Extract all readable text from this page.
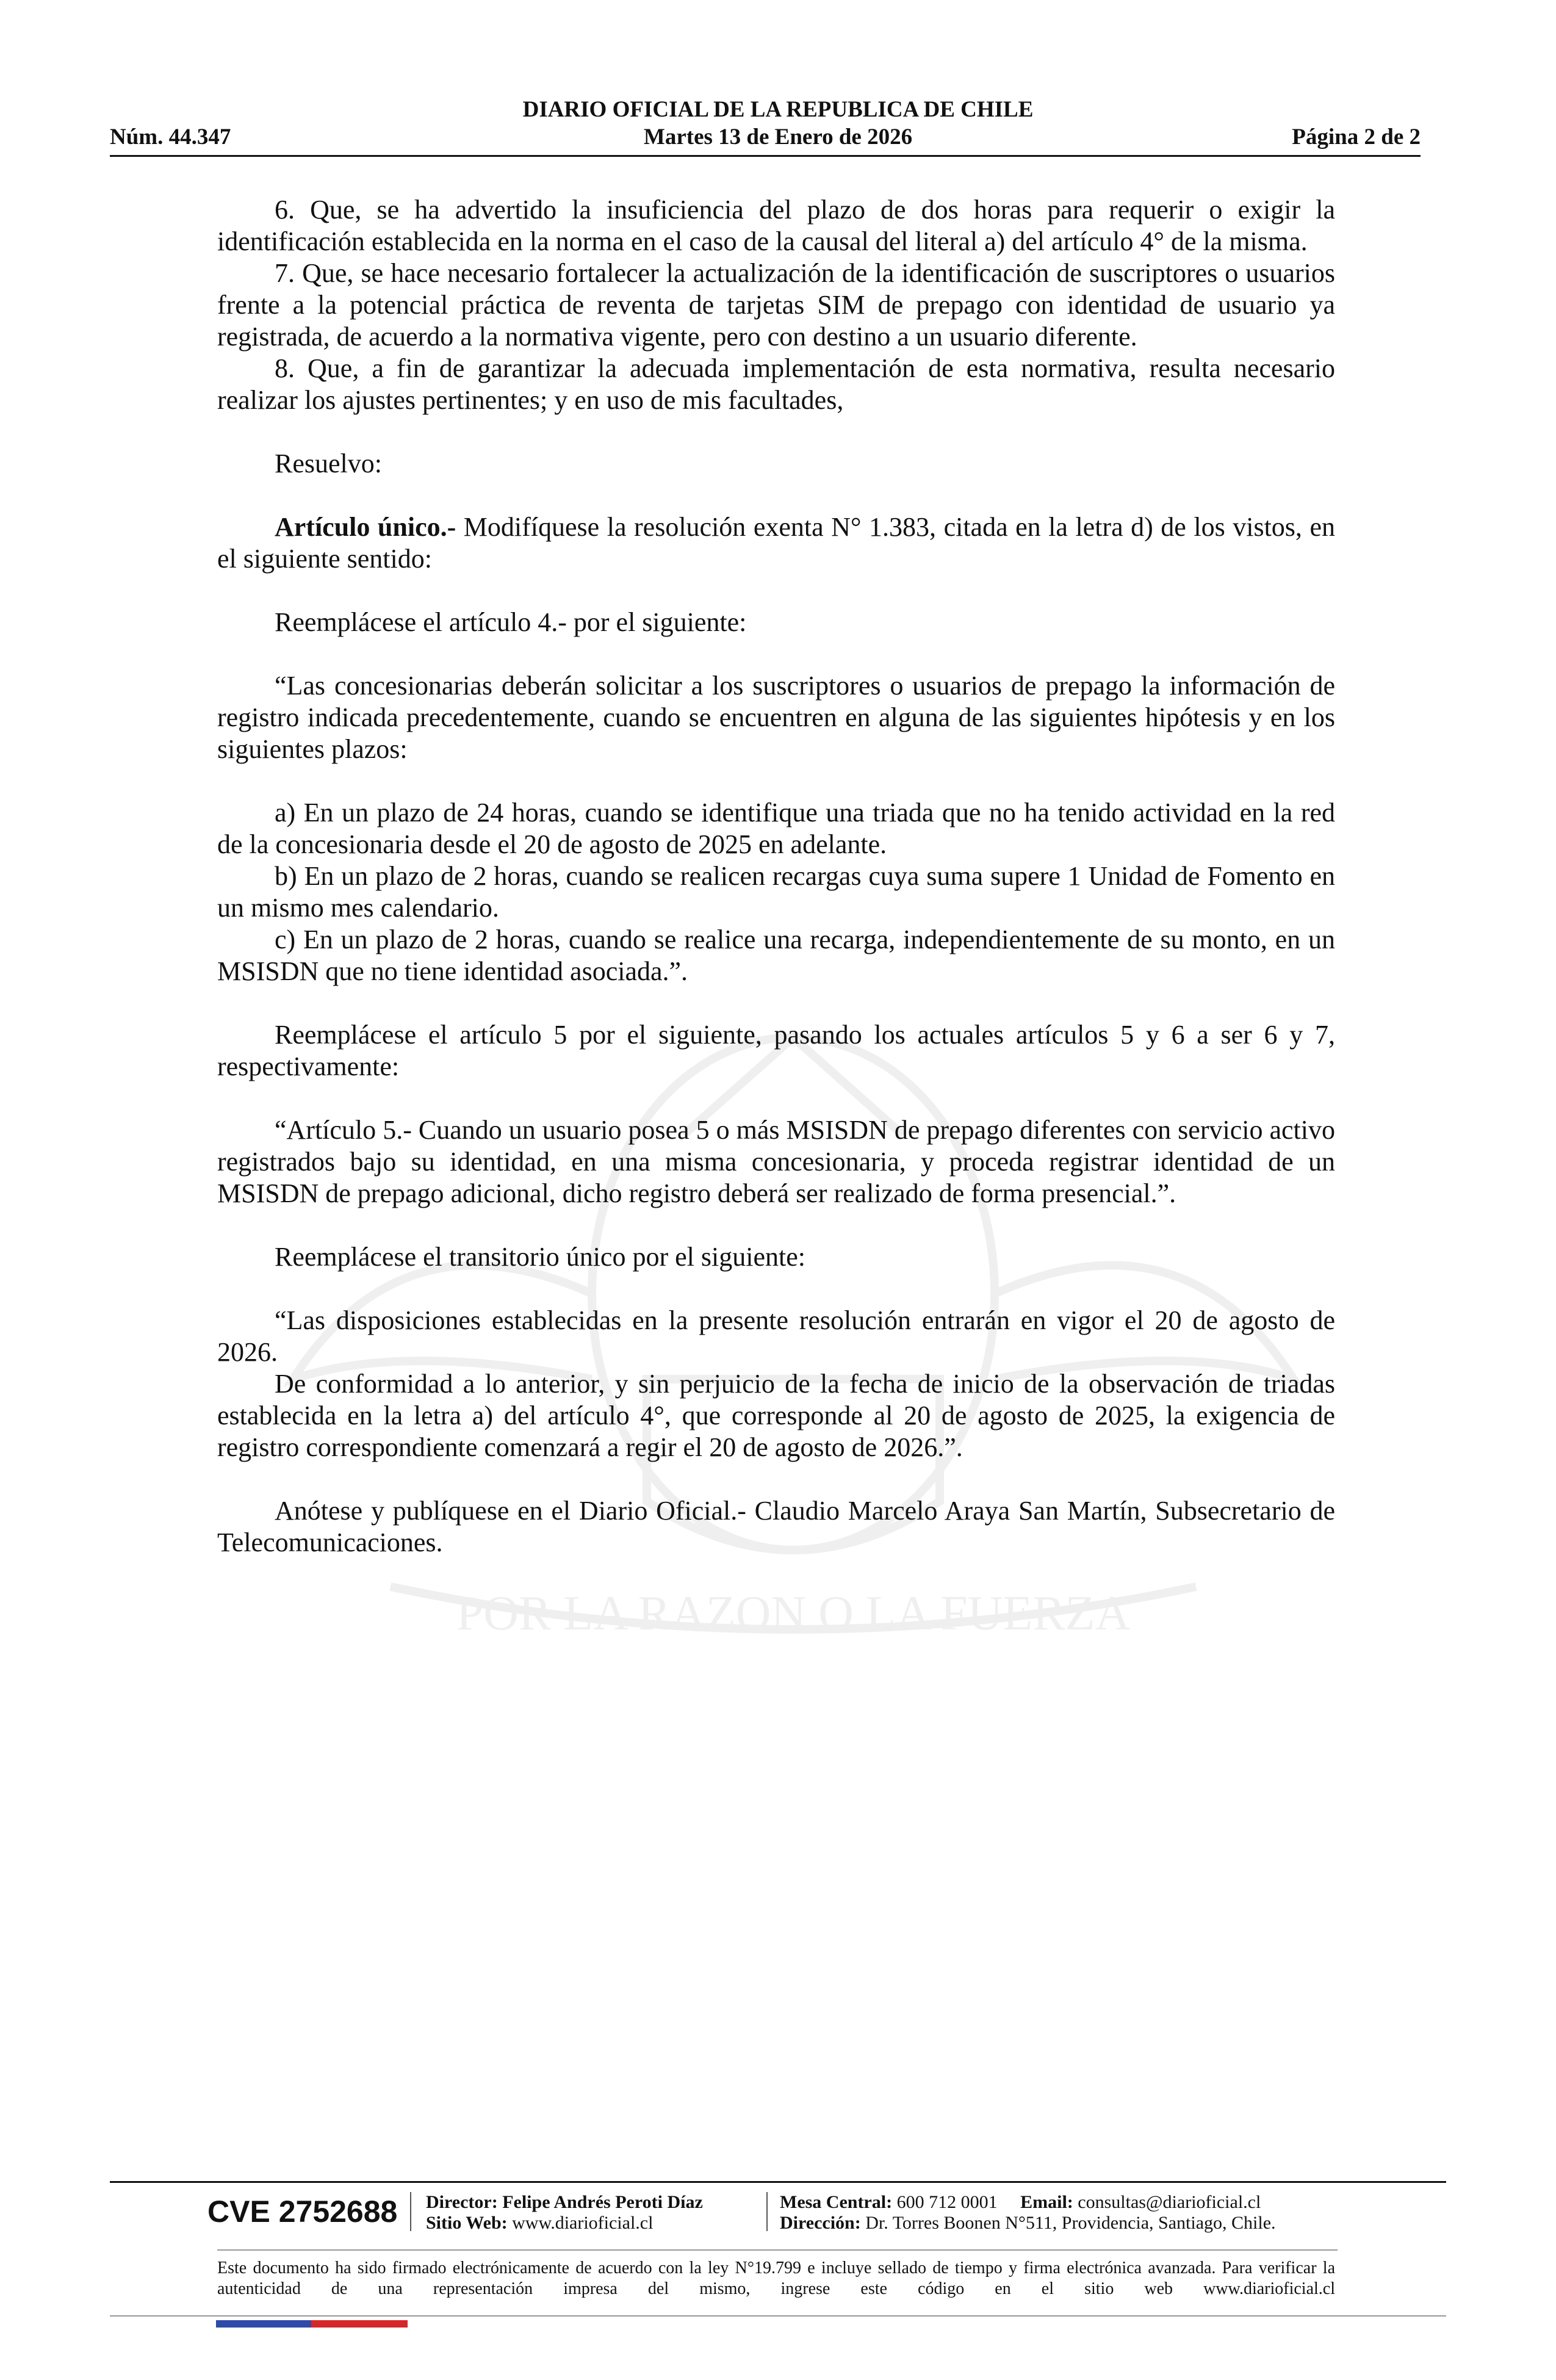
DIARIO OFICIAL DE LA REPUBLICA DE CHILE
Núm. 44.347	Martes 13 de Enero de 2026	Página 2 de 2
POR LA RAZON O LA FUERZA

6. Que, se ha advertido la insuficiencia del plazo de dos horas para requerir o exigir la identificación establecida en la norma en el caso de la causal del literal a) del artículo 4° de la misma.

7. Que, se hace necesario fortalecer la actualización de la identificación de suscriptores o usuarios frente a la potencial práctica de reventa de tarjetas SIM de prepago con identidad de usuario ya registrada, de acuerdo a la normativa vigente, pero con destino a un usuario diferente.

8. Que, a fin de garantizar la adecuada implementación de esta normativa, resulta necesario realizar los ajustes pertinentes; y en uso de mis facultades,

Resuelvo:

Artículo único.- Modifíquese la resolución exenta N° 1.383, citada en la letra d) de los vistos, en el siguiente sentido:

Reemplácese el artículo 4.- por el siguiente:

“Las concesionarias deberán solicitar a los suscriptores o usuarios de prepago la información de registro indicada precedentemente, cuando se encuentren en alguna de las siguientes hipótesis y en los siguientes plazos:

a) En un plazo de 24 horas, cuando se identifique una triada que no ha tenido actividad en la red de la concesionaria desde el 20 de agosto de 2025 en adelante.

b) En un plazo de 2 horas, cuando se realicen recargas cuya suma supere 1 Unidad de Fomento en un mismo mes calendario.

c) En un plazo de 2 horas, cuando se realice una recarga, independientemente de su monto, en un MSISDN que no tiene identidad asociada.”.

Reemplácese el artículo 5 por el siguiente, pasando los actuales artículos 5 y 6 a ser 6 y 7, respectivamente:

“Artículo 5.- Cuando un usuario posea 5 o más MSISDN de prepago diferentes con servicio activo registrados bajo su identidad, en una misma concesionaria, y proceda registrar identidad de un MSISDN de prepago adicional, dicho registro deberá ser realizado de forma presencial.”.

Reemplácese el transitorio único por el siguiente:

“Las disposiciones establecidas en la presente resolución entrarán en vigor el 20 de agosto de 2026.

De conformidad a lo anterior, y sin perjuicio de la fecha de inicio de la observación de triadas establecida en la letra a) del artículo 4°, que corresponde al 20 de agosto de 2025, la exigencia de registro correspondiente comenzará a regir el 20 de agosto de 2026.”.

Anótese y publíquese en el Diario Oficial.- Claudio Marcelo Araya San Martín, Subsecretario de Telecomunicaciones.

CVE 2752688 Director: Felipe Andrés Peroti Díaz
Sitio Web: www.diarioficial.cl
Mesa Central: 600 712 0001 Email: consultas@diarioficial.cl
Dirección: Dr. Torres Boonen N°511, Providencia, Santiago, Chile.
Este documento ha sido firmado electrónicamente de acuerdo con la ley N°19.799 e incluye sellado de tiempo y firma electrónica avanzada. Para verificar la autenticidad de una representación impresa del mismo, ingrese este código en el sitio web www.diarioficial.cl
